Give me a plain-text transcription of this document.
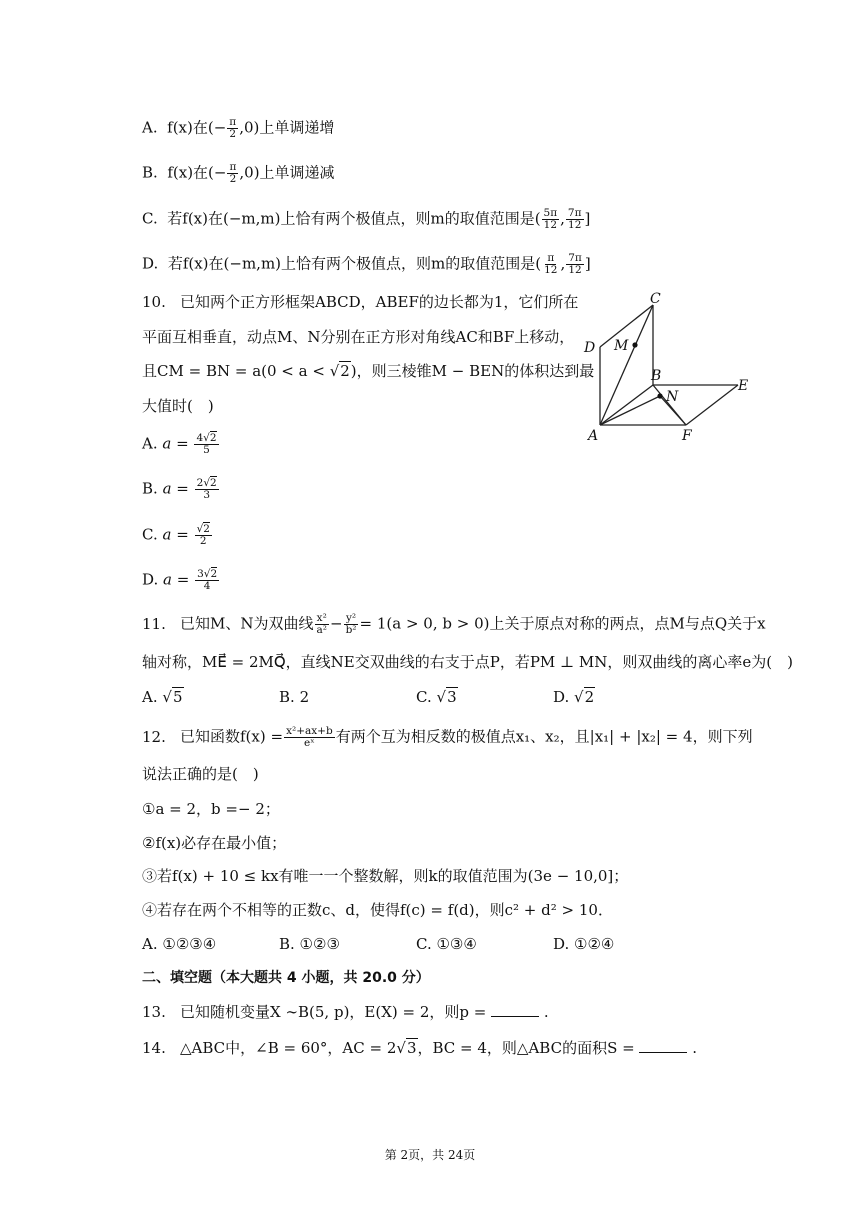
A. f(x)在(− $\frac{\pi}{2} ,0$)上单调递增
B. f(x)在(− $\frac{\pi}{2} ,0$)上单调递减
C. 若f(x)在(−m,m)上恰有两个极值点，则m的取值范围是( $\frac{5\pi}{12}$ , $\frac{7\pi}{12}$ ]
D. 若f(x)在(−m,m)上恰有两个极值点，则m的取值范围是( $\frac{\pi}{12}$ , $\frac{7\pi}{12}$ ]
10. 已知两个正方形框架ABCD，ABEF的边长都为1，它们所在
平面互相垂直，动点M、N分别在正方形对角线AC和BF上移动，
且CM = BN = a(0 < a < √2)，则三棱锥M − BEN的体积达到最
大值时(　)
A. $a = \frac{4√2}{5}$
B. $a = \frac{2√2}{3}$
C. $a = \frac{√2}{2}$
D. $a = \frac{3√2}{4}$
C
D M
B
E
N
A	F
11. 已知M、N为双曲线 $\frac{\text{x²}}{\text{a²}} - \frac{\text{y²}}{\text{b²}} = 1(a > 0$, b > 0)上关于原点对称的两点，点M与点Q关于x
轴对称，ME⃗ = 2MQ⃗，直线NE交双曲线的右支于点P，若PM ⊥ MN，则双曲线的离心率e为(　)
A. √5	B. 2	C. √3	D. √2
12. 已知函数$f(x) = \frac{\text{x²+ax+b}}{\text{eˣ}}$ 有两个互为相反数的极值点x₁、x₂，且|x₁| + |x₂| = 4，则下列
说法正确的是(　)
①a = 2，b =− 2；
②f(x)必存在最小值；
③若f(x) + 10 ≤ kx有唯一一个整数解，则k的取值范围为(3e − 10,0]；
④若存在两个不相等的正数c、d，使得f(c) = f(d)，则c² + d² > 10．
A. ①②③④	B. ①②③	C. ①③④	D. ①②④
二、填空题（本大题共 4 小题，共 20.0 分）
13. 已知随机变量X ∼B(5, p)，E(X) = 2，则p =	.
14. △ABC中，∠B = 60°，AC = 2√3，BC = 4，则△ABC的面积S =	.
第 2页，共 24页
